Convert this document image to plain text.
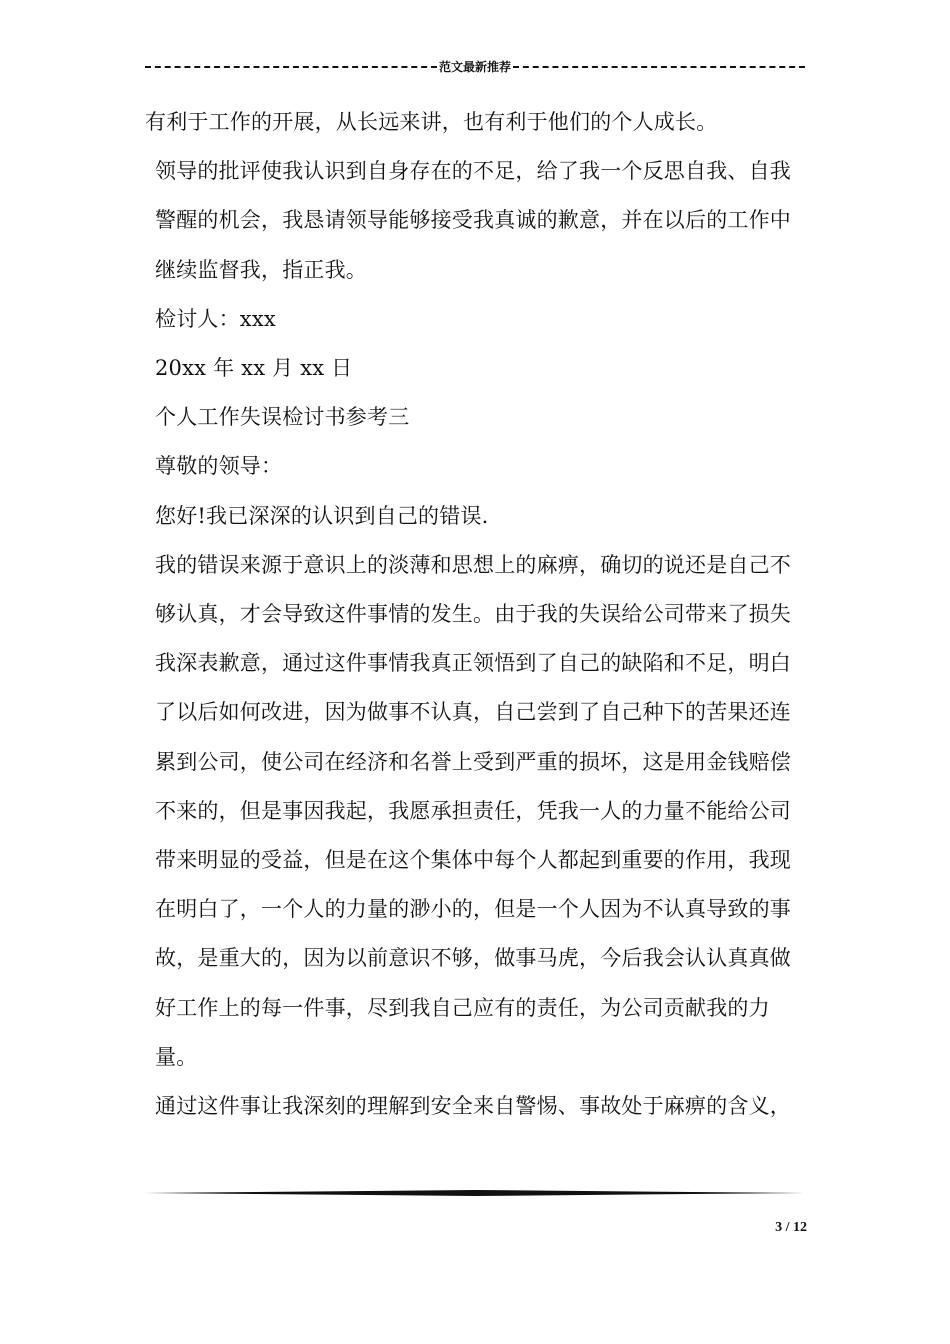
范文最新推荐

有利于工作的开展，从长远来讲，也有利于他们的个人成长。

领导的批评使我认识到自身存在的不足，给了我一个反思自我、自我警醒的机会，我恳请领导能够接受我真诚的歉意，并在以后的工作中继续监督我，指正我。

检讨人：xxx

20xx 年 xx 月 xx 日

个人工作失误检讨书参考三

尊敬的领导：

您好!我已深深的认识到自己的错误.

我的错误来源于意识上的淡薄和思想上的麻痹，确切的说还是自己不够认真，才会导致这件事情的发生。由于我的失误给公司带来了损失我深表歉意，通过这件事情我真正领悟到了自己的缺陷和不足，明白了以后如何改进，因为做事不认真，自己尝到了自己种下的苦果还连累到公司，使公司在经济和名誉上受到严重的损坏，这是用金钱赔偿不来的，但是事因我起，我愿承担责任，凭我一人的力量不能给公司带来明显的受益，但是在这个集体中每个人都起到重要的作用，我现在明白了，一个人的力量的渺小的，但是一个人因为不认真导致的事故，是重大的，因为以前意识不够，做事马虎，今后我会认认真真做好工作上的每一件事，尽到我自己应有的责任，为公司贡献我的力量。

通过这件事让我深刻的理解到安全来自警惕、事故处于麻痹的含义，

3 / 12
